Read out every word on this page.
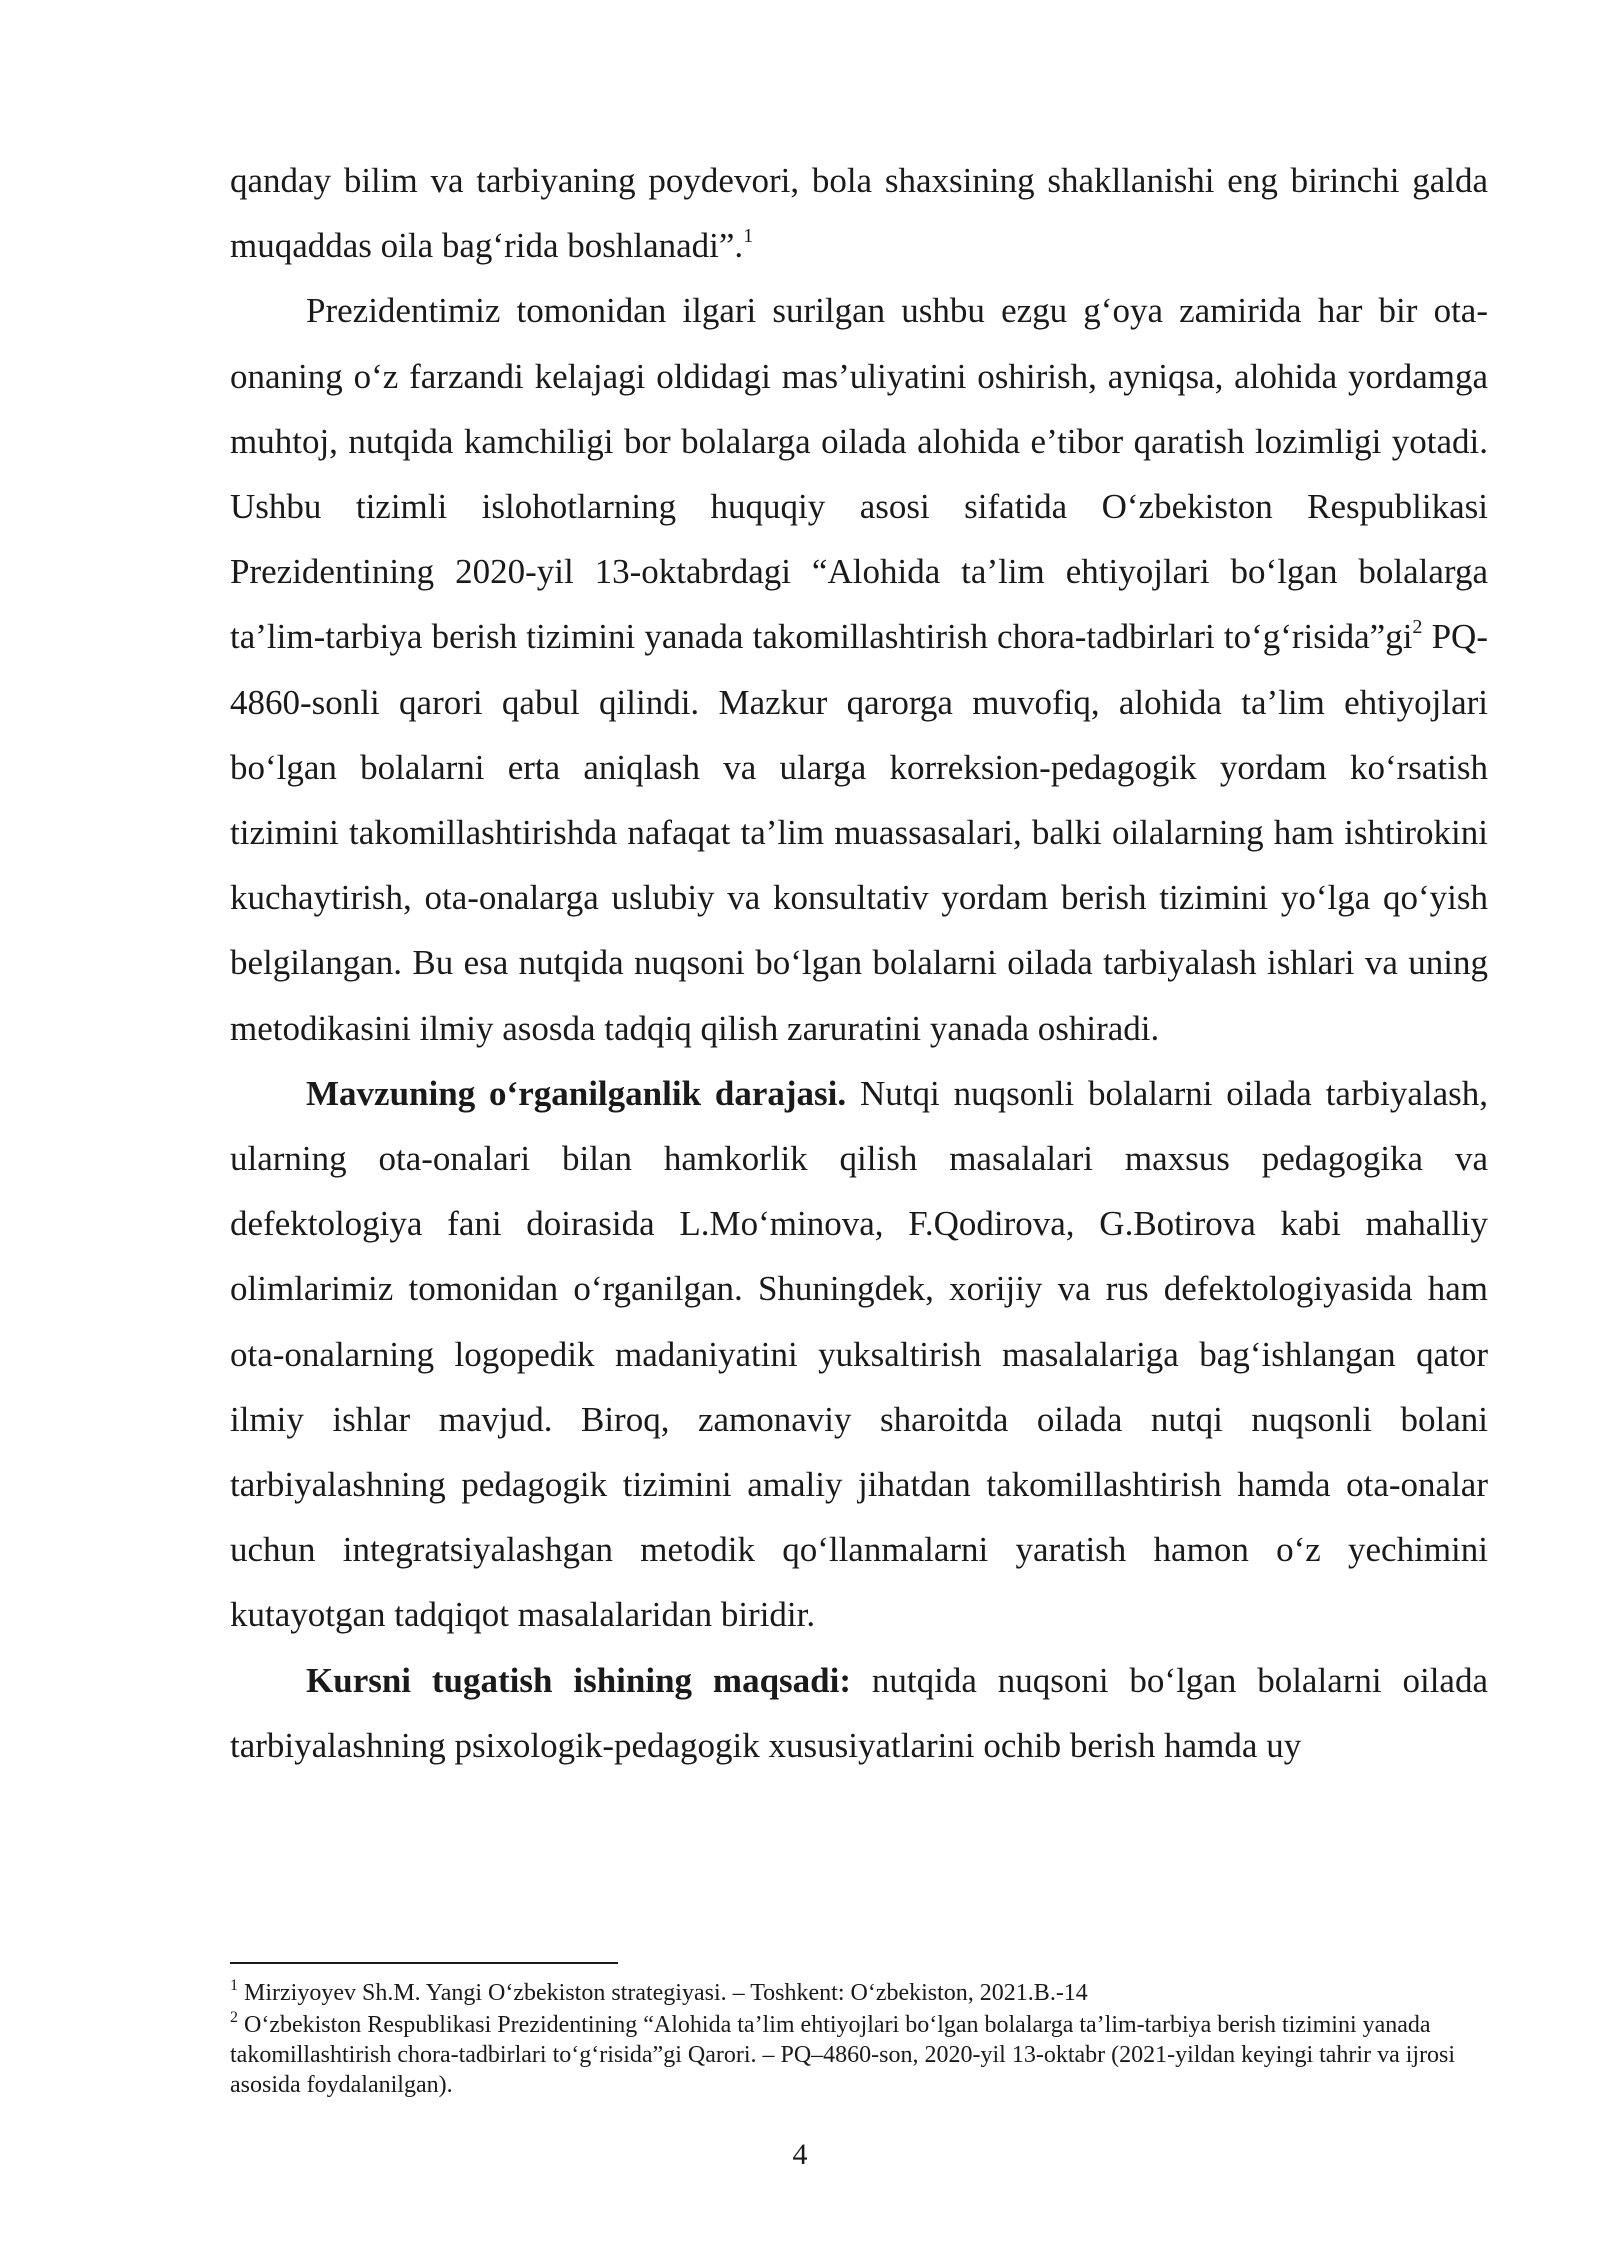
qanday bilim va tarbiyaning poydevori, bola shaxsining shakllanishi eng birinchi galda muqaddas oila bag‘rida boshlanadi”.$^1$

Prezidentimiz tomonidan ilgari surilgan ushbu ezgu g‘oya zamirida har bir ota-onaning o‘z farzandi kelajagi oldidagi mas’uliyatini oshirish, ayniqsa, alohida yordamga muhtoj, nutqida kamchiligi bor bolalarga oilada alohida e’tibor qaratish lozimligi yotadi. Ushbu tizimli islohotlarning huquqiy asosi sifatida O‘zbekiston Respublikasi Prezidentining 2020-yil 13-oktabrdagi “Alohida ta’lim ehtiyojlari bo‘lgan bolalarga ta’lim-tarbiya berish tizimini yanada takomillashtirish chora-tadbirlari $to‘g‘risida”gi^2$ PQ-4860-sonli qarori qabul qilindi. Mazkur qarorga muvofiq, alohida ta’lim ehtiyojlari bo‘lgan bolalarni erta aniqlash va ularga korreksion-pedagogik yordam ko‘rsatish tizimini takomillashtirishda nafaqat ta’lim muassasalari, balki oilalarning ham ishtirokini kuchaytirish, ota-onalarga uslubiy va konsultativ yordam berish tizimini yo‘lga qo‘yish belgilangan. Bu esa nutqida nuqsoni bo‘lgan bolalarni oilada tarbiyalash ishlari va uning metodikasini ilmiy asosda tadqiq qilish zaruratini yanada oshiradi.

Mavzuning o‘rganilganlik darajasi. Nutqi nuqsonli bolalarni oilada tarbiyalash, ularning ota-onalari bilan hamkorlik qilish masalalari maxsus pedagogika va defektologiya fani doirasida L.Mo‘minova, F.Qodirova, G.Botirova kabi mahalliy olimlarimiz tomonidan o‘rganilgan. Shuningdek, xorijiy va rus defektologiyasida ham ota-onalarning logopedik madaniyatini yuksaltirish masalalariga bag‘ishlangan qator ilmiy ishlar mavjud. Biroq, zamonaviy sharoitda oilada nutqi nuqsonli bolani tarbiyalashning pedagogik tizimini amaliy jihatdan takomillashtirish hamda ota-onalar uchun integratsiyalashgan metodik qo‘llanmalarni yaratish hamon o‘z yechimini kutayotgan tadqiqot masalalaridan biridir.

Kursni tugatish ishining maqsadi: nutqida nuqsoni bo‘lgan bolalarni oilada tarbiyalashning psixologik-pedagogik xususiyatlarini ochib berish hamda uy

$^1$ Mirziyoyev Sh.M. Yangi O‘zbekiston strategiyasi. – Toshkent: O‘zbekiston, 2021.B.-14

$^2$ O‘zbekiston Respublikasi Prezidentining “Alohida ta’lim ehtiyojlari bo‘lgan bolalarga ta’lim-tarbiya berish tizimini yanada takomillashtirish chora-tadbirlari to‘g‘risida”gi Qarori. – PQ–4860-son, 2020-yil 13-oktabr (2021-yildan keyingi tahrir va ijrosi asosida foydalanilgan).

4
